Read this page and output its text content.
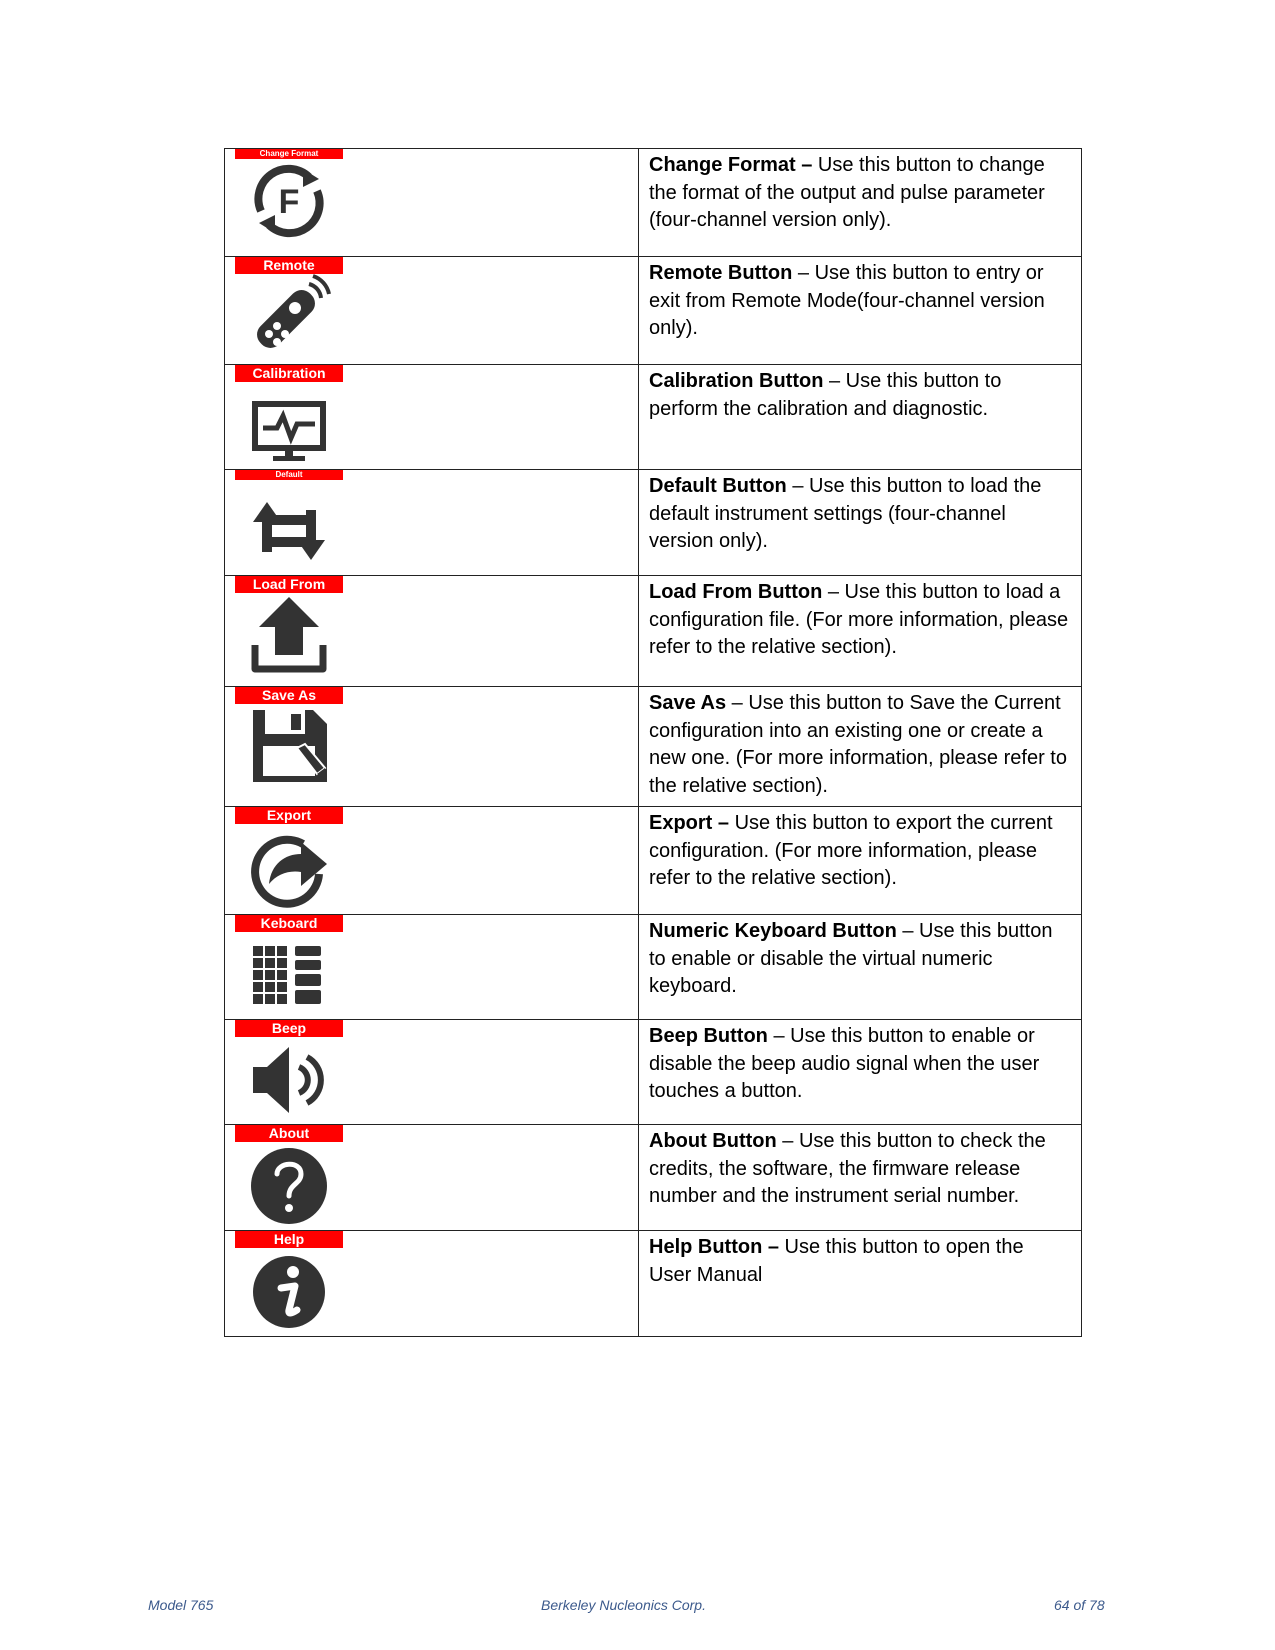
Change Format
F	Change Format – Use this button to change the format of the output and pulse parameter (four-channel version only).

Remote	Remote Button – Use this button to entry or exit from Remote Mode(four-channel version only).

Calibration	Calibration Button – Use this button to perform the calibration and diagnostic.

Default	Default Button – Use this button to load the default instrument settings (four-channel version only).

Load From	Load From Button – Use this button to load a configuration file. (For more information, please refer to the relative section).

Save As	Save As – Use this button to Save the Current configuration into an existing one or create a new one. (For more information, please refer to the relative section).

Export	Export – Use this button to export the current configuration. (For more information, please refer to the relative section).

Keboard	Numeric Keyboard Button – Use this button to enable or disable the virtual numeric keyboard.

Beep	Beep Button – Use this button to enable or disable the beep audio signal when the user touches a button.

About	About Button – Use this button to check the credits, the software, the firmware release number and the instrument serial number.

Help	Help Button – Use this button to open the User Manual
Model 765	Berkeley Nucleonics Corp.	64 of 78
